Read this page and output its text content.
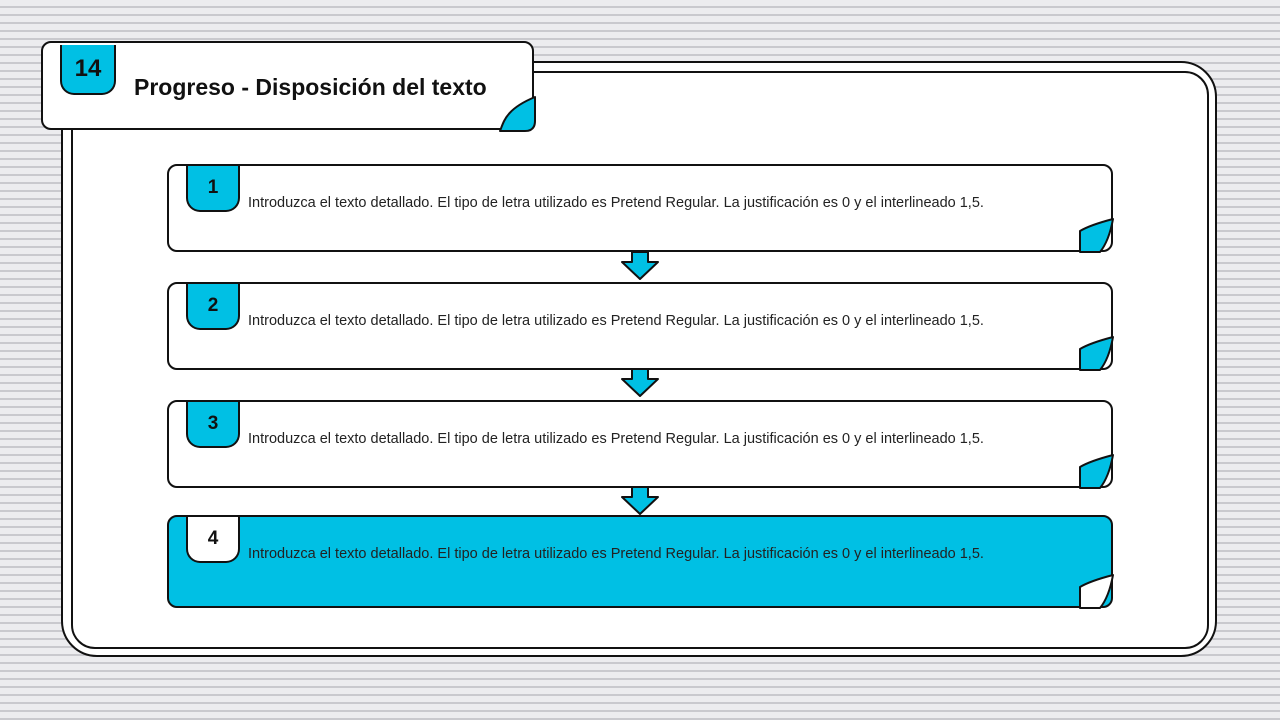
14
Progreso - Disposición del texto
1
Introduzca el texto detallado. El tipo de letra utilizado es Pretend Regular. La justificación es 0 y el interlineado 1,5.
2
Introduzca el texto detallado. El tipo de letra utilizado es Pretend Regular. La justificación es 0 y el interlineado 1,5.
3
Introduzca el texto detallado. El tipo de letra utilizado es Pretend Regular. La justificación es 0 y el interlineado 1,5.
4
Introduzca el texto detallado. El tipo de letra utilizado es Pretend Regular. La justificación es 0 y el interlineado 1,5.
